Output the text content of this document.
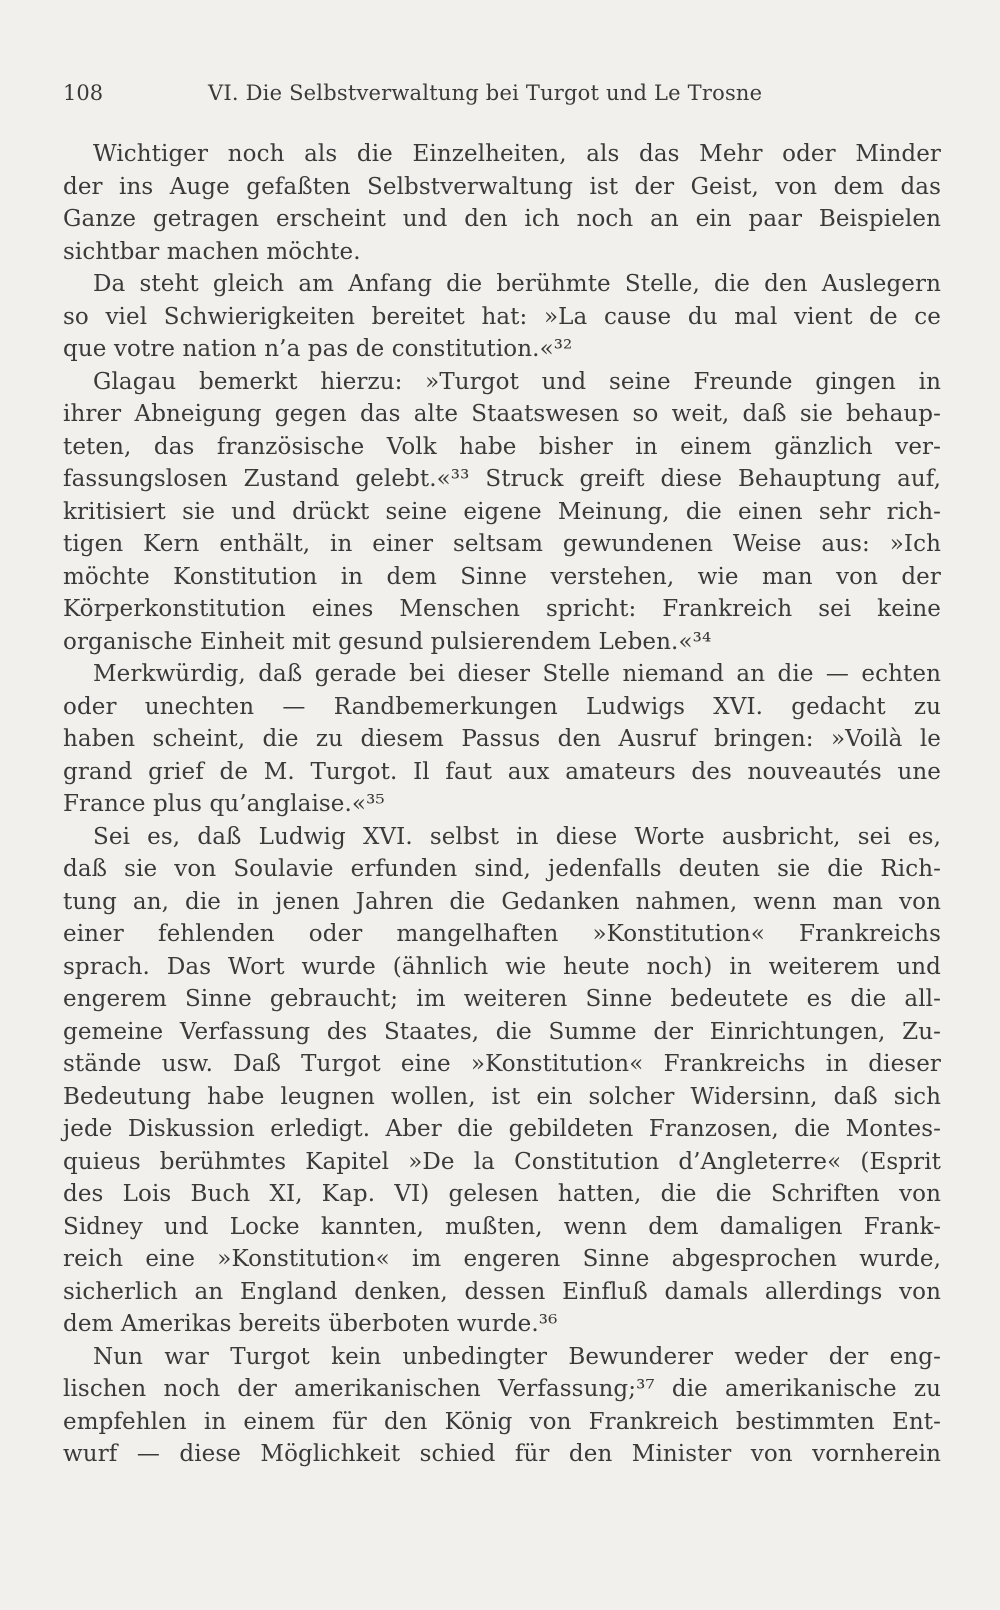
108	VI. Die Selbstverwaltung bei Turgot und Le Trosne
Wichtiger noch als die Einzelheiten, als das Mehr oder Minder
der ins Auge gefaßten Selbstverwaltung ist der Geist, von dem das
Ganze getragen erscheint und den ich noch an ein paar Beispielen
sichtbar machen möchte.
Da steht gleich am Anfang die berühmte Stelle, die den Auslegern
so viel Schwierigkeiten bereitet hat: »La cause du mal vient de ce
que votre nation n’a pas de constitution.«³²
Glagau bemerkt hierzu: »Turgot und seine Freunde gingen in
ihrer Abneigung gegen das alte Staatswesen so weit, daß sie behaup-
teten, das französische Volk habe bisher in einem gänzlich ver-
fassungslosen Zustand gelebt.«³³ Struck greift diese Behauptung auf,
kritisiert sie und drückt seine eigene Meinung, die einen sehr rich-
tigen Kern enthält, in einer seltsam gewundenen Weise aus: »Ich
möchte Konstitution in dem Sinne verstehen, wie man von der
Körperkonstitution eines Menschen spricht: Frankreich sei keine
organische Einheit mit gesund pulsierendem Leben.«³⁴
Merkwürdig, daß gerade bei dieser Stelle niemand an die — echten
oder unechten — Randbemerkungen Ludwigs XVI. gedacht zu
haben scheint, die zu diesem Passus den Ausruf bringen: »Voilà le
grand grief de M. Turgot. Il faut aux amateurs des nouveautés une
France plus qu’anglaise.«³⁵
Sei es, daß Ludwig XVI. selbst in diese Worte ausbricht, sei es,
daß sie von Soulavie erfunden sind, jedenfalls deuten sie die Rich-
tung an, die in jenen Jahren die Gedanken nahmen, wenn man von
einer fehlenden oder mangelhaften »Konstitution« Frankreichs
sprach. Das Wort wurde (ähnlich wie heute noch) in weiterem und
engerem Sinne gebraucht; im weiteren Sinne bedeutete es die all-
gemeine Verfassung des Staates, die Summe der Einrichtungen, Zu-
stände usw. Daß Turgot eine »Konstitution« Frankreichs in dieser
Bedeutung habe leugnen wollen, ist ein solcher Widersinn, daß sich
jede Diskussion erledigt. Aber die gebildeten Franzosen, die Montes-
quieus berühmtes Kapitel »De la Constitution d’Angleterre« (Esprit
des Lois Buch XI, Kap. VI) gelesen hatten, die die Schriften von
Sidney und Locke kannten, mußten, wenn dem damaligen Frank-
reich eine »Konstitution« im engeren Sinne abgesprochen wurde,
sicherlich an England denken, dessen Einfluß damals allerdings von
dem Amerikas bereits überboten wurde.³⁶
Nun war Turgot kein unbedingter Bewunderer weder der eng-
lischen noch der amerikanischen Verfassung;³⁷ die amerikanische zu
empfehlen in einem für den König von Frankreich bestimmten Ent-
wurf — diese Möglichkeit schied für den Minister von vornherein
